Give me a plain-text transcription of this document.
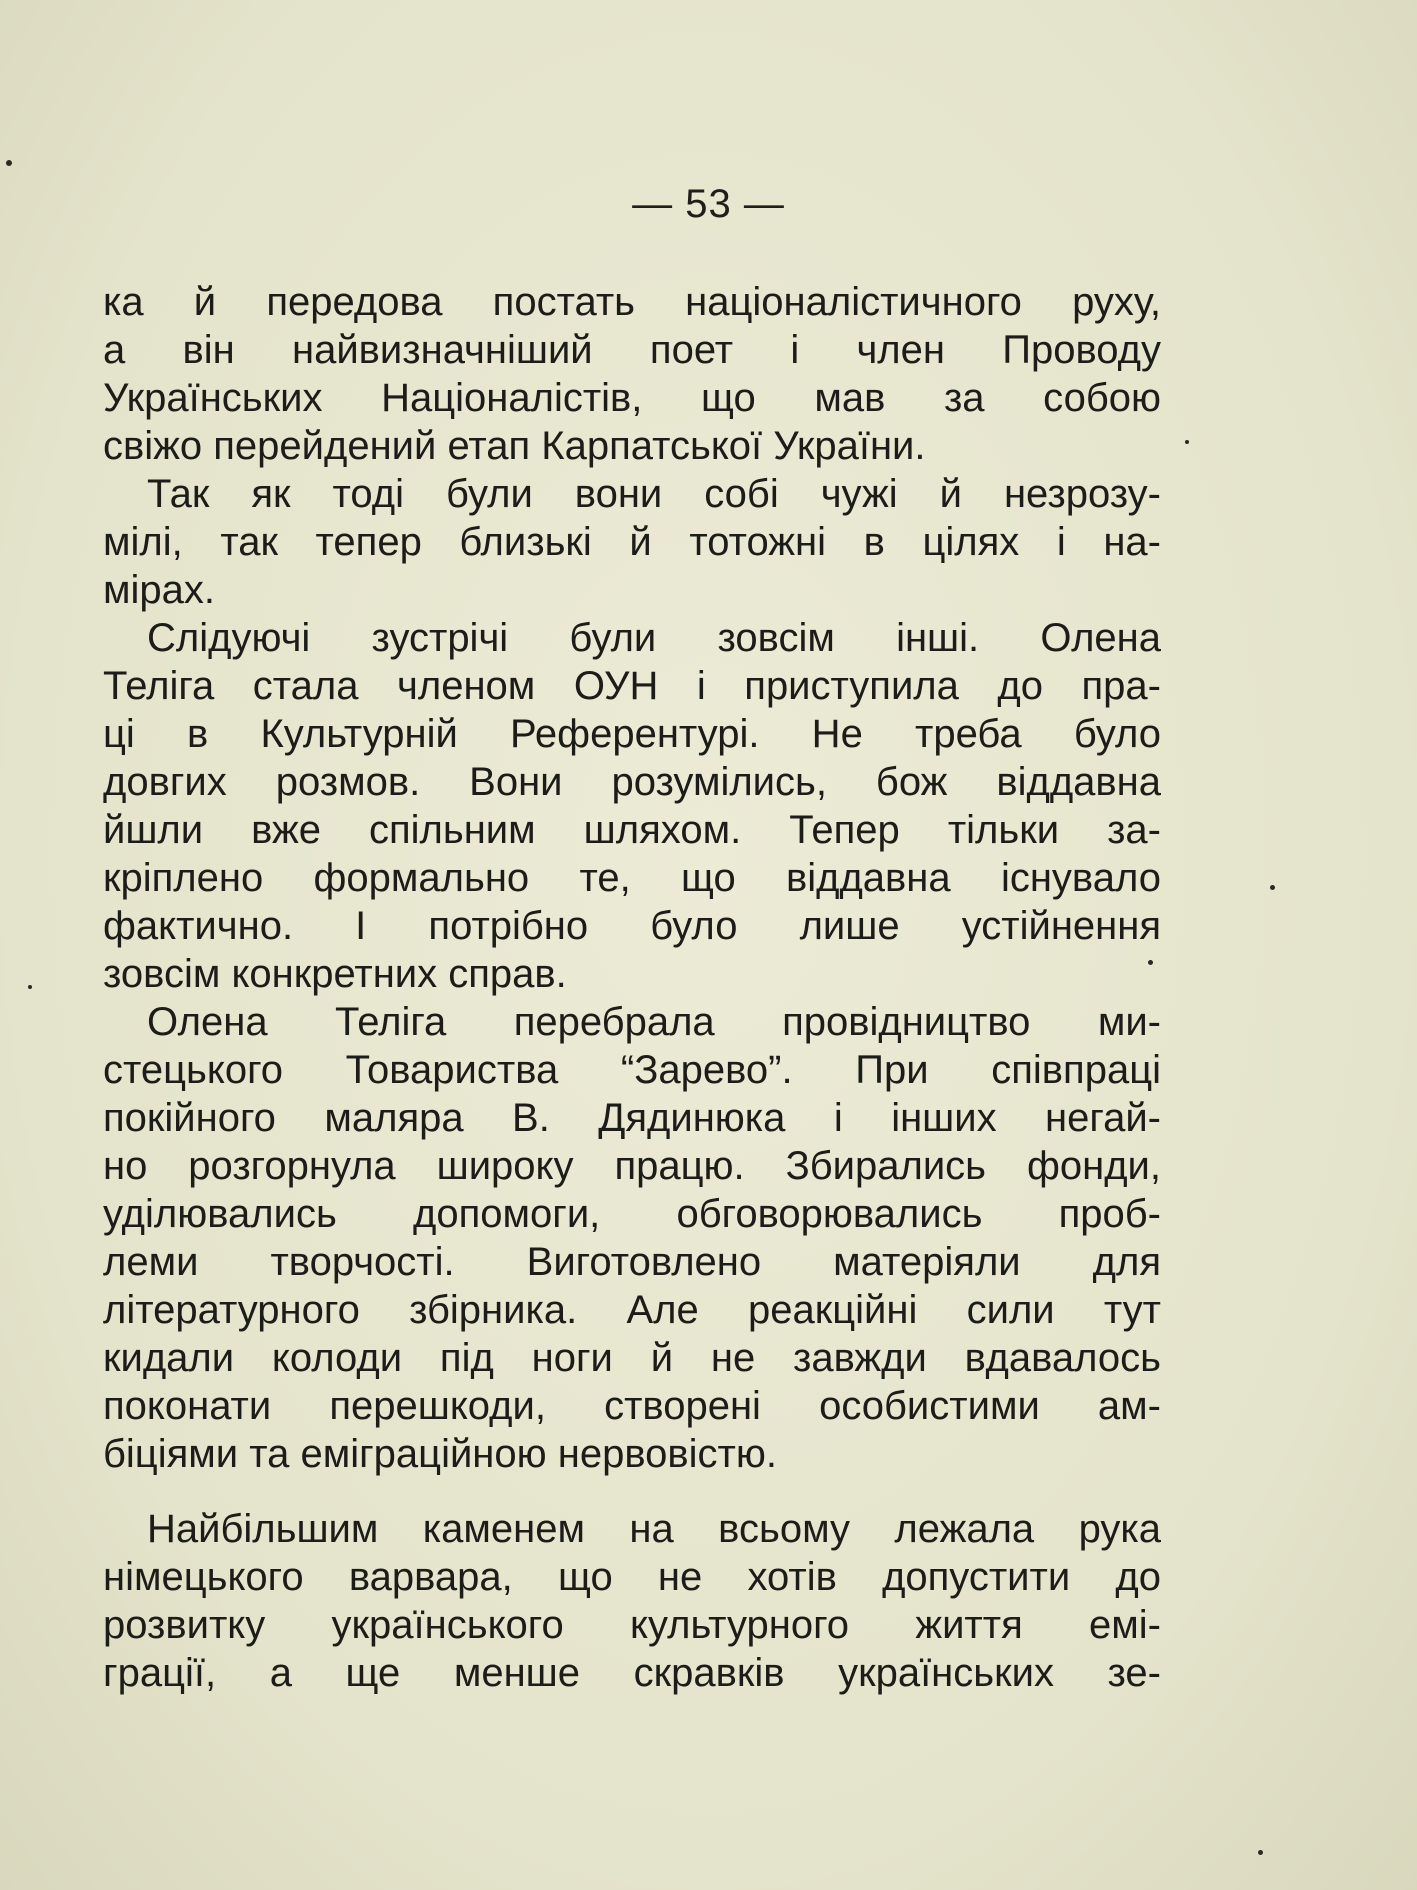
— 53 —
ка й передова постать націоналістичного руху,
а він найвизначніший поет і член Проводу
Українських Націоналістів, що мав за собою
свіжо перейдений етап Карпатської України.
Так як тоді були вони собі чужі й незрозу-
мілі, так тепер близькі й тотожні в цілях і на-
мірах.
Слідуючі зустрічі були зовсім інші. Олена
Теліга стала членом ОУН і приступила до пра-
ці в Культурній Референтурі. Не треба було
довгих розмов. Вони розумілись, бож віддавна
йшли вже спільним шляхом. Тепер тільки за-
кріплено формально те, що віддавна існувало
фактично. І потрібно було лише устійнення
зовсім конкретних справ.
Олена Теліга перебрала провідництво ми-
стецького Товариства “Зарево”. При співпраці
покійного маляра В. Дядинюка і інших негай-
но розгорнула широку працю. Збирались фонди,
уділювались допомоги, обговорювались проб-
леми творчості. Виготовлено матеріяли для
літературного збірника. Але реакційні сили тут
кидали колоди під ноги й не завжди вдавалось
поконати перешкоди, створені особистими ам-
біціями та еміграційною нервовістю.
Найбільшим каменем на всьому лежала рука
німецького варвара, що не хотів допустити до
розвитку українського культурного життя емі-
грації, а ще менше скравків українських зе-
